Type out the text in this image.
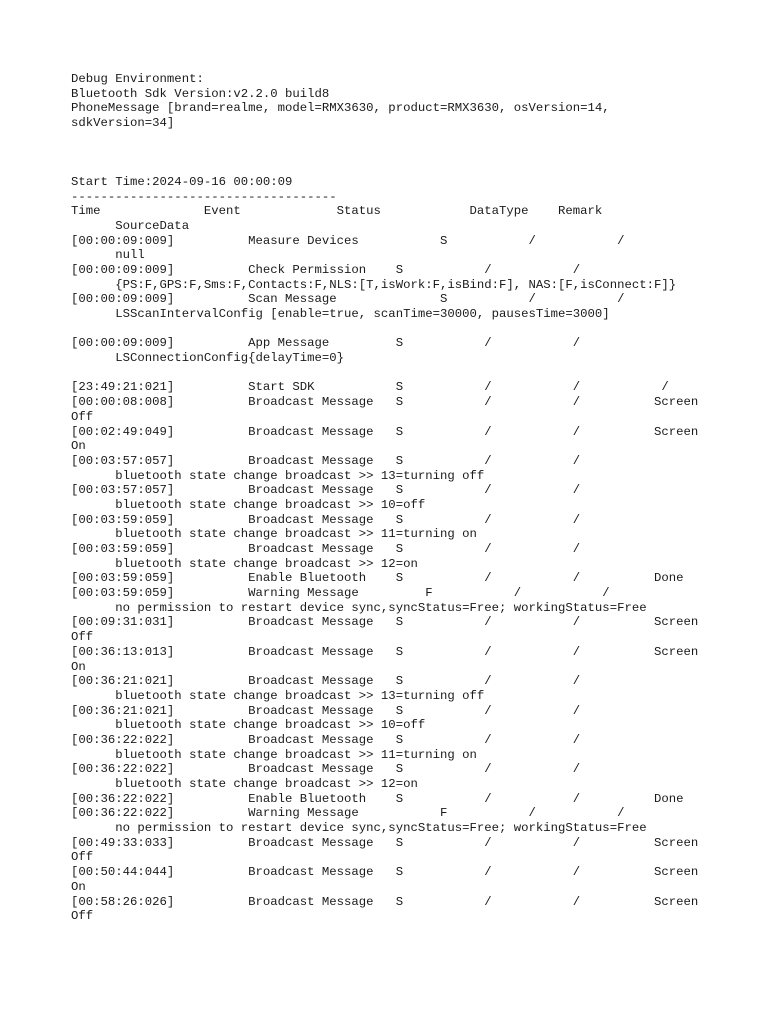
Debug Environment:
Bluetooth Sdk Version:v2.2.0 build8
PhoneMessage [brand=realme, model=RMX3630, product=RMX3630, osVersion=14,
sdkVersion=34]
Start Time:2024-09-16 00:00:09
------------------------------------
Time              Event             Status            DataType    Remark
SourceData
[00:00:09:009]          Measure Devices           S           /           /
null
[00:00:09:009]          Check Permission    S           /           /
{PS:F,GPS:F,Sms:F,Contacts:F,NLS:[T,isWork:F,isBind:F], NAS:[F,isConnect:F]}
[00:00:09:009]          Scan Message              S           /           /
LSScanIntervalConfig [enable=true, scanTime=30000, pausesTime=3000]
[00:00:09:009]          App Message         S           /           /
LSConnectionConfig{delayTime=0}
[23:49:21:021]          Start SDK           S           /           /           /
[00:00:08:008]          Broadcast Message   S           /           /          Screen
Off
[00:02:49:049]          Broadcast Message   S           /           /          Screen
On
[00:03:57:057]          Broadcast Message   S           /           /
bluetooth state change broadcast >> 13=turning off
[00:03:57:057]          Broadcast Message   S           /           /
bluetooth state change broadcast >> 10=off
[00:03:59:059]          Broadcast Message   S           /           /
bluetooth state change broadcast >> 11=turning on
[00:03:59:059]          Broadcast Message   S           /           /
bluetooth state change broadcast >> 12=on
[00:03:59:059]          Enable Bluetooth    S           /           /          Done
[00:03:59:059]          Warning Message         F           /           /
no permission to restart device sync,syncStatus=Free; workingStatus=Free
[00:09:31:031]          Broadcast Message   S           /           /          Screen
Off
[00:36:13:013]          Broadcast Message   S           /           /          Screen
On
[00:36:21:021]          Broadcast Message   S           /           /
bluetooth state change broadcast >> 13=turning off
[00:36:21:021]          Broadcast Message   S           /           /
bluetooth state change broadcast >> 10=off
[00:36:22:022]          Broadcast Message   S           /           /
bluetooth state change broadcast >> 11=turning on
[00:36:22:022]          Broadcast Message   S           /           /
bluetooth state change broadcast >> 12=on
[00:36:22:022]          Enable Bluetooth    S           /           /          Done
[00:36:22:022]          Warning Message           F           /           /
no permission to restart device sync,syncStatus=Free; workingStatus=Free
[00:49:33:033]          Broadcast Message   S           /           /          Screen
Off
[00:50:44:044]          Broadcast Message   S           /           /          Screen
On
[00:58:26:026]          Broadcast Message   S           /           /          Screen
Off
